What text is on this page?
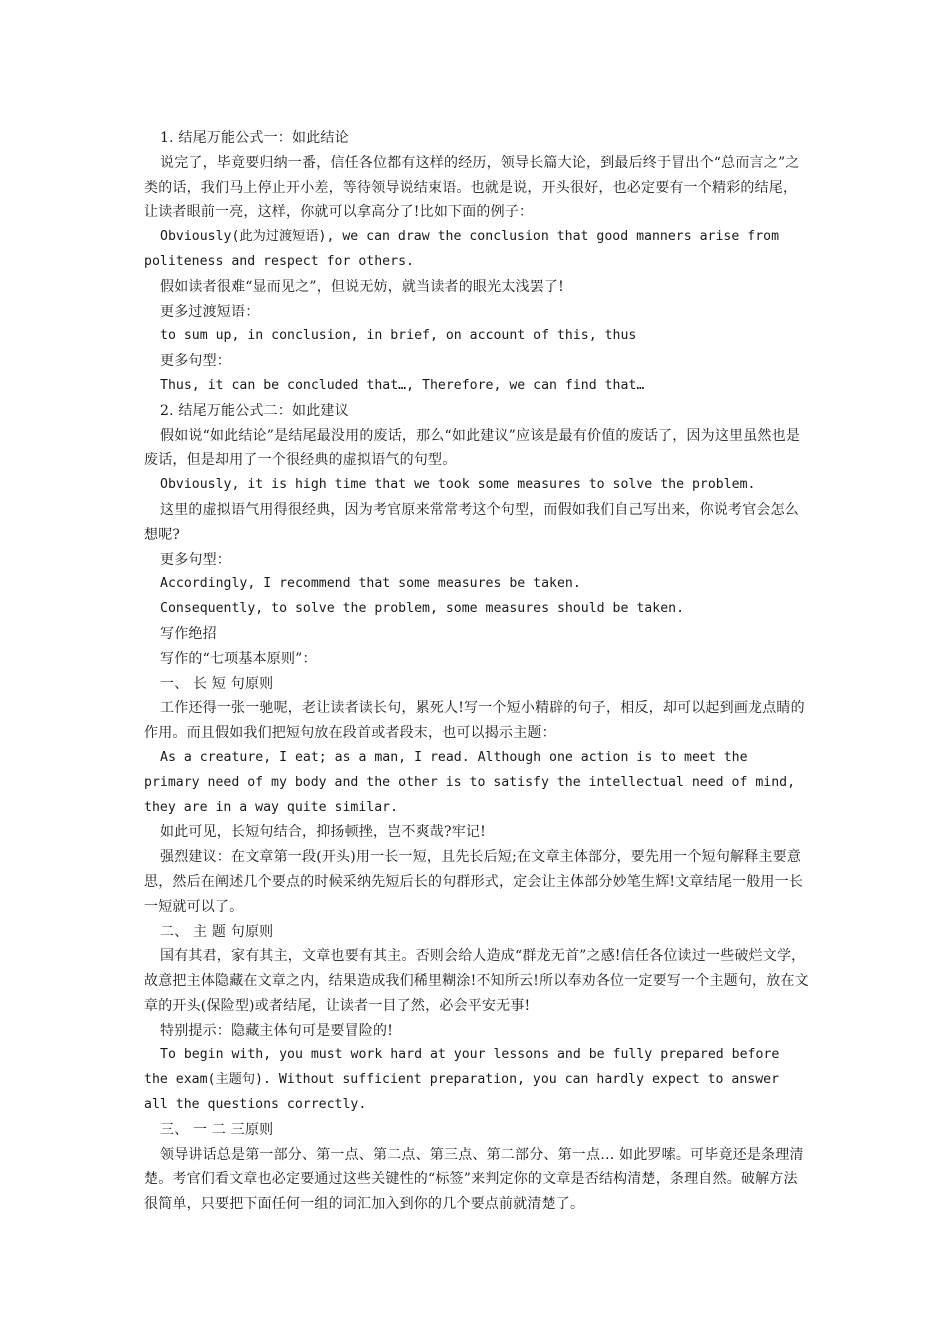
1. 结尾万能公式一：如此结论

说完了，毕竟要归纳一番，信任各位都有这样的经历，领导长篇大论，到最后终于冒出个“总而言之”之类的话，我们马上停止开小差，等待领导说结束语。也就是说，开头很好，也必定要有一个精彩的结尾，让读者眼前一亮，这样，你就可以拿高分了!比如下面的例子：

Obviously(此为过渡短语), we can draw the conclusion that good manners arise from politeness and respect for others.

假如读者很难“显而见之”，但说无妨，就当读者的眼光太浅罢了!

更多过渡短语：

to sum up, in conclusion, in brief, on account of this, thus

更多句型：

Thus, it can be concluded that…, Therefore, we can find that…

2. 结尾万能公式二：如此建议

假如说“如此结论”是结尾最没用的废话，那么“如此建议”应该是最有价值的废话了，因为这里虽然也是废话，但是却用了一个很经典的虚拟语气的句型。

Obviously, it is high time that we took some measures to solve the problem.

这里的虚拟语气用得很经典，因为考官原来常常考这个句型，而假如我们自己写出来，你说考官会怎么想呢?

更多句型：

Accordingly, I recommend that some measures be taken.

Consequently, to solve the problem, some measures should be taken.

写作绝招

写作的“七项基本原则”：

一、 长 短 句原则

工作还得一张一驰呢，老让读者读长句，累死人!写一个短小精辟的句子，相反，却可以起到画龙点睛的作用。而且假如我们把短句放在段首或者段末，也可以揭示主题：

As a creature, I eat; as a man, I read. Although one action is to meet the primary need of my body and the other is to satisfy the intellectual need of mind, they are in a way quite similar.

如此可见，长短句结合，抑扬顿挫，岂不爽哉?牢记!

强烈建议：在文章第一段(开头)用一长一短，且先长后短;在文章主体部分，要先用一个短句解释主要意思，然后在阐述几个要点的时候采纳先短后长的句群形式，定会让主体部分妙笔生辉!文章结尾一般用一长一短就可以了。

二、 主 题 句原则

国有其君，家有其主，文章也要有其主。否则会给人造成“群龙无首”之感!信任各位读过一些破烂文学，故意把主体隐藏在文章之内，结果造成我们稀里糊涂!不知所云!所以奉劝各位一定要写一个主题句，放在文章的开头(保险型)或者结尾，让读者一目了然，必会平安无事!

特别提示：隐藏主体句可是要冒险的!

To begin with, you must work hard at your lessons and be fully prepared before the exam(主题句). Without sufficient preparation, you can hardly expect to answer all the questions correctly.

三、 一 二 三原则

领导讲话总是第一部分、第一点、第二点、第三点、第二部分、第一点… 如此罗嗦。可毕竟还是条理清楚。考官们看文章也必定要通过这些关键性的“标签”来判定你的文章是否结构清楚，条理自然。破解方法很简单，只要把下面任何一组的词汇加入到你的几个要点前就清楚了。
